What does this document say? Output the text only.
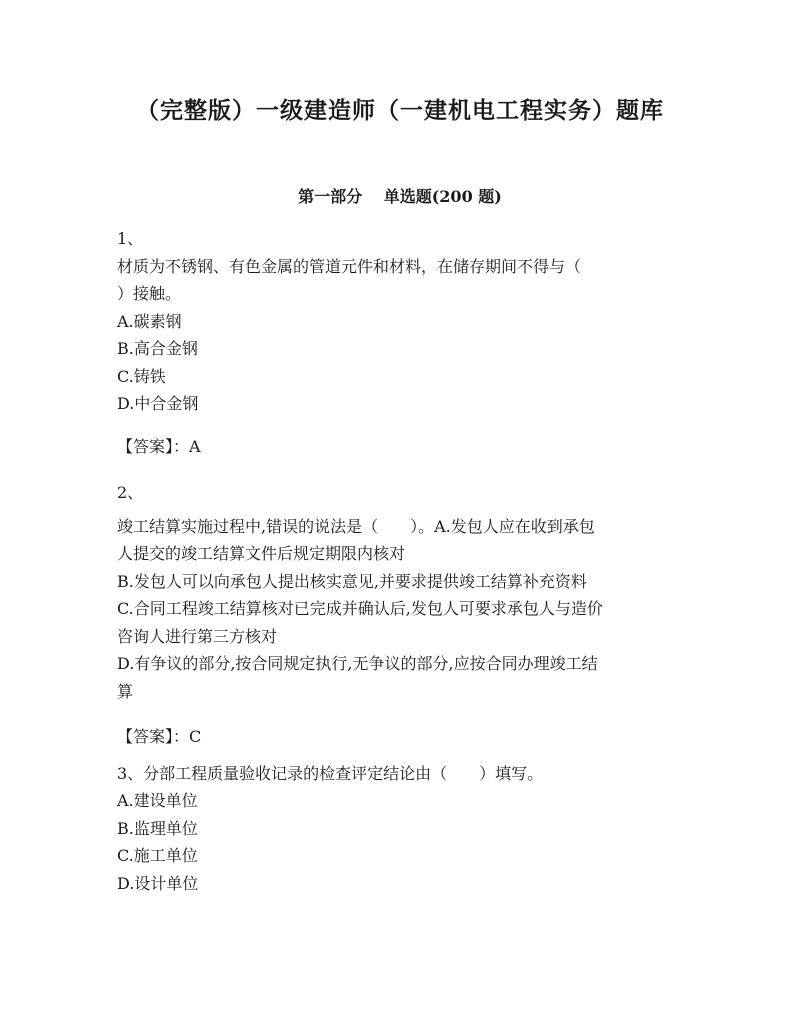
（完整版）一级建造师（一建机电工程实务）题库
第一部分　 单选题(200 题)
1、
材质为不锈钢、有色金属的管道元件和材料，在储存期间不得与（
）接触。
A.碳素钢
B.高合金钢
C.铸铁
D.中合金钢
【答案】：A
2、
竣工结算实施过程中,错误的说法是（　　）。A.发包人应在收到承包
人提交的竣工结算文件后规定期限内核对
B.发包人可以向承包人提出核实意见,并要求提供竣工结算补充资料
C.合同工程竣工结算核对已完成并确认后,发包人可要求承包人与造价
咨询人进行第三方核对
D.有争议的部分,按合同规定执行,无争议的部分,应按合同办理竣工结
算
【答案】：C
3、分部工程质量验收记录的检查评定结论由（　　）填写。
A.建设单位
B.监理单位
C.施工单位
D.设计单位
